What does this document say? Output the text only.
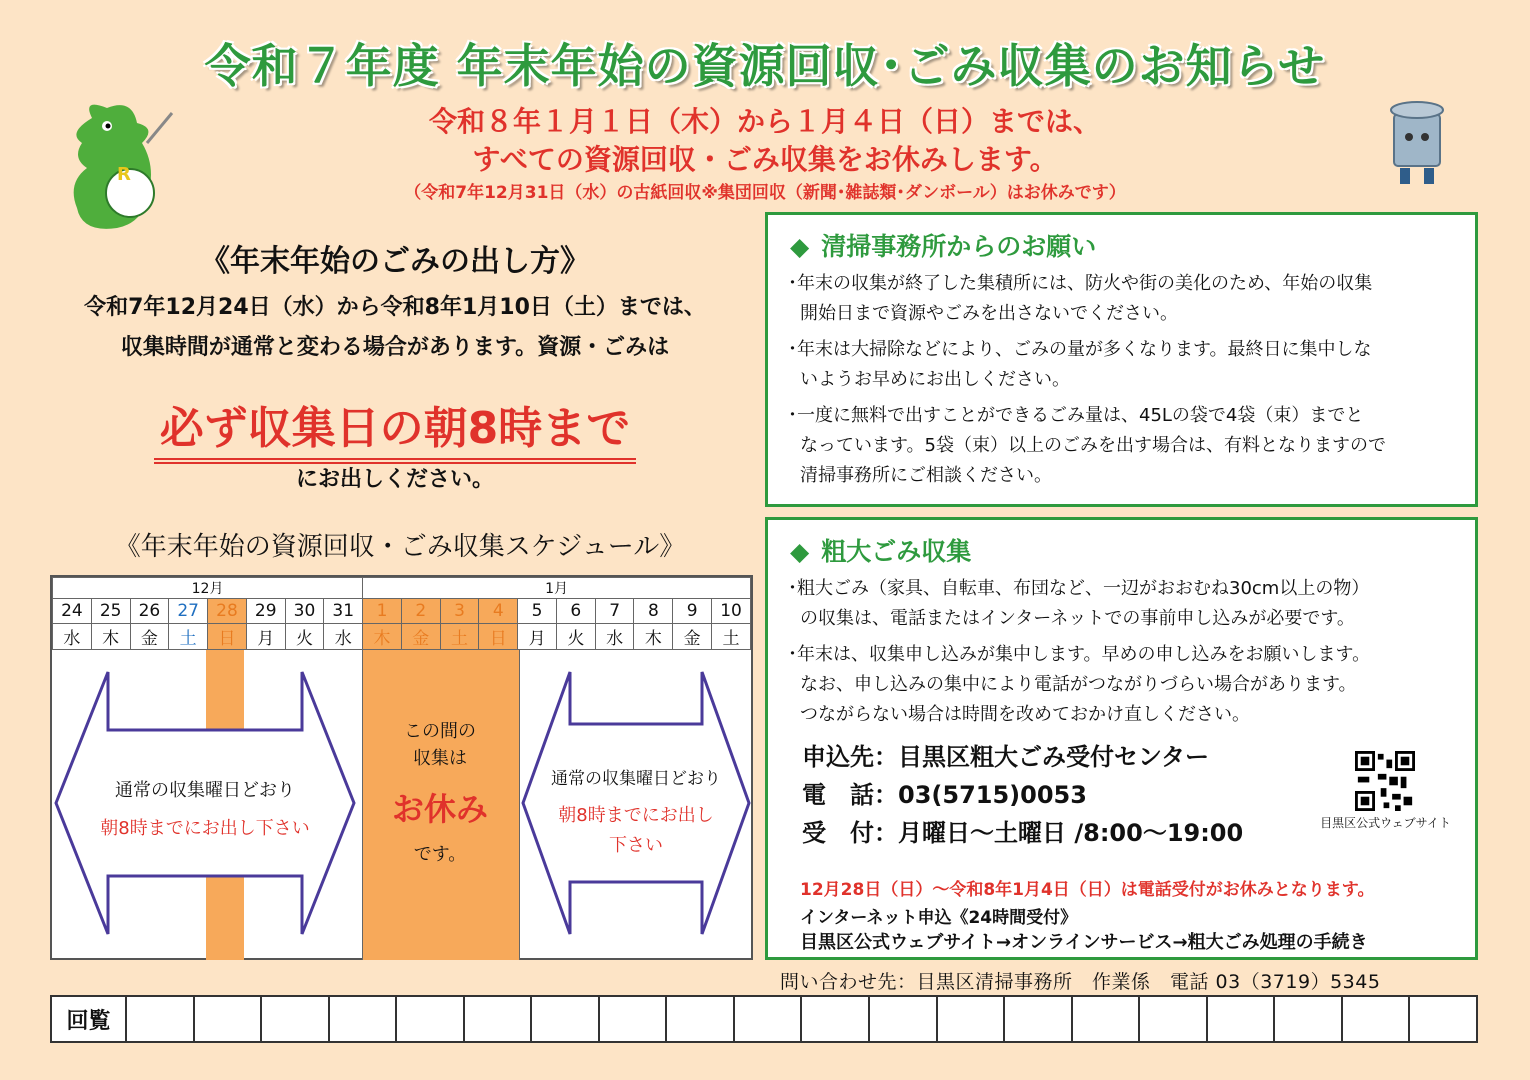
令和７年度 年末年始の資源回収･ごみ収集のお知らせ
令和８年１月１日（木）から１月４日（日）までは、
すべての資源回収・ごみ収集をお休みします。
（令和7年12月31日（水）の古紙回収※集団回収（新聞･雑誌類･ダンボール）はお休みです）
R
《年末年始のごみの出し方》
令和7年12月24日（水）から令和8年1月10日（土）までは、
収集時間が通常と変わる場合があります。資源・ごみは
必ず収集日の朝8時まで
にお出しください。
《年末年始の資源回収・ごみ収集スケジュール》
12月								1月									
24	25	26	27	28	29	30	31	1	2	3	4	5	6	7	8	9	10
水	木	金	土	日	月	火	水	木	金	土	日	月	火	水	木	金	土
通常の収集曜日どおり
朝8時までにお出し下さい
この間の
収集は
お休み
です。
通常の収集曜日どおり
朝8時までにお出し
下さい
◆ 清掃事務所からのお願い

･年末の収集が終了した集積所には、防火や街の美化のため、年始の収集
開始日まで資源やごみを出さないでください。

･年末は大掃除などにより、ごみの量が多くなります。最終日に集中しな
いようお早めにお出しください。

･一度に無料で出すことができるごみ量は、45Lの袋で4袋（束）までと
なっています。5袋（束）以上のごみを出す場合は、有料となりますので
清掃事務所にご相談ください。

◆ 粗大ごみ収集

･粗大ごみ（家具、自転車、布団など、一辺がおおむね30cm以上の物）
の収集は、電話またはインターネットでの事前申し込みが必要です。

･年末は、収集申し込みが集中します。早めの申し込みをお願いします。
なお、申し込みの集中により電話がつながりづらい場合があります。
つながらない場合は時間を改めておかけ直しください。

申込先：目黒区粗大ごみ受付センター
電　話：03(5715)0053
受　付：月曜日～土曜日 /8:00～19:00	目黒区公式ウェブサイト
12月28日（日）～令和8年1月4日（日）は電話受付がお休みとなります。
インターネット申込《24時間受付》
目黒区公式ウェブサイト→オンラインサービス→粗大ごみ処理の手続き
問い合わせ先：目黒区清掃事務所　作業係　電話 03（3719）5345
回覧
